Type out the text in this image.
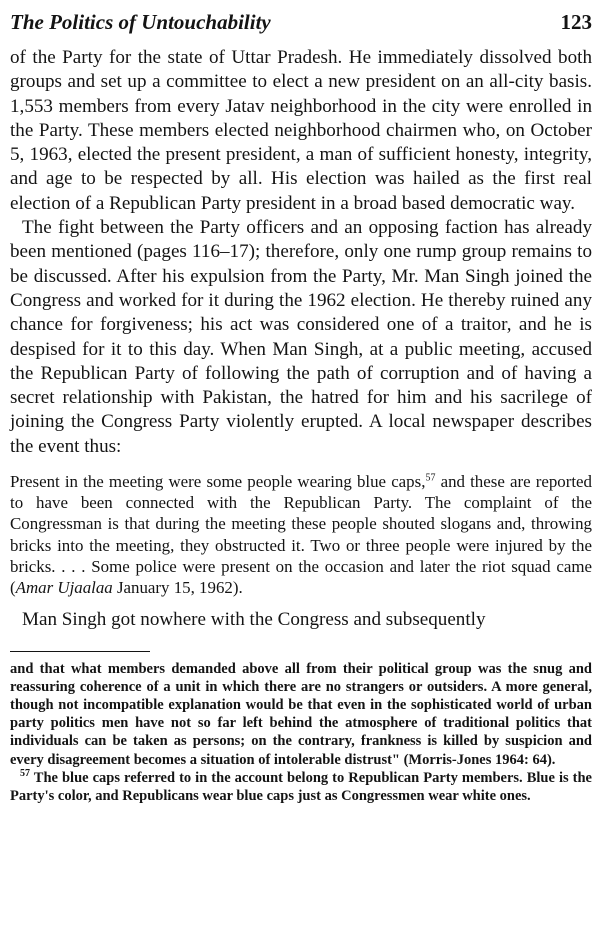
The Politics of Untouchability	123

of the Party for the state of Uttar Pradesh. He immediately dissolved both groups and set up a committee to elect a new president on an all-city basis. 1,553 members from every Jatav neighborhood in the city were enrolled in the Party. These members elected neighborhood chairmen who, on October 5, 1963, elected the present president, a man of sufficient honesty, integrity, and age to be respected by all. His election was hailed as the first real election of a Republican Party president in a broad based democratic way.

The fight between the Party officers and an opposing faction has already been mentioned (pages 116–17); therefore, only one rump group remains to be discussed. After his expulsion from the Party, Mr. Man Singh joined the Congress and worked for it during the 1962 election. He thereby ruined any chance for forgiveness; his act was considered one of a traitor, and he is despised for it to this day. When Man Singh, at a public meeting, accused the Republican Party of following the path of corruption and of having a secret relationship with Pakistan, the hatred for him and his sacrilege of joining the Congress Party violently erupted. A local newspaper describes the event thus:

Present in the meeting were some people wearing blue caps,$^{57}$ and these are reported to have been connected with the Republican Party. The complaint of the Congressman is that during the meeting these people shouted slogans and, throwing bricks into the meeting, they obstructed it. Two or three people were injured by the bricks. . . . Some police were present on the occasion and later the riot squad came (Amar Ujaalaa January 15, 1962).

Man Singh got nowhere with the Congress and subsequently

and that what members demanded above all from their political group was the snug and reassuring coherence of a unit in which there are no strangers or outsiders. A more general, though not incompatible explanation would be that even in the sophisticated world of urban party politics men have not so far left behind the atmosphere of traditional politics that individuals can be taken as persons; on the contrary, frankness is killed by suspicion and every disagreement becomes a situation of intolerable distrust" (Morris-Jones 1964: 64).

$^{57}$ The blue caps referred to in the account belong to Republican Party members. Blue is the Party's color, and Republicans wear blue caps just as Congressmen wear white ones.
